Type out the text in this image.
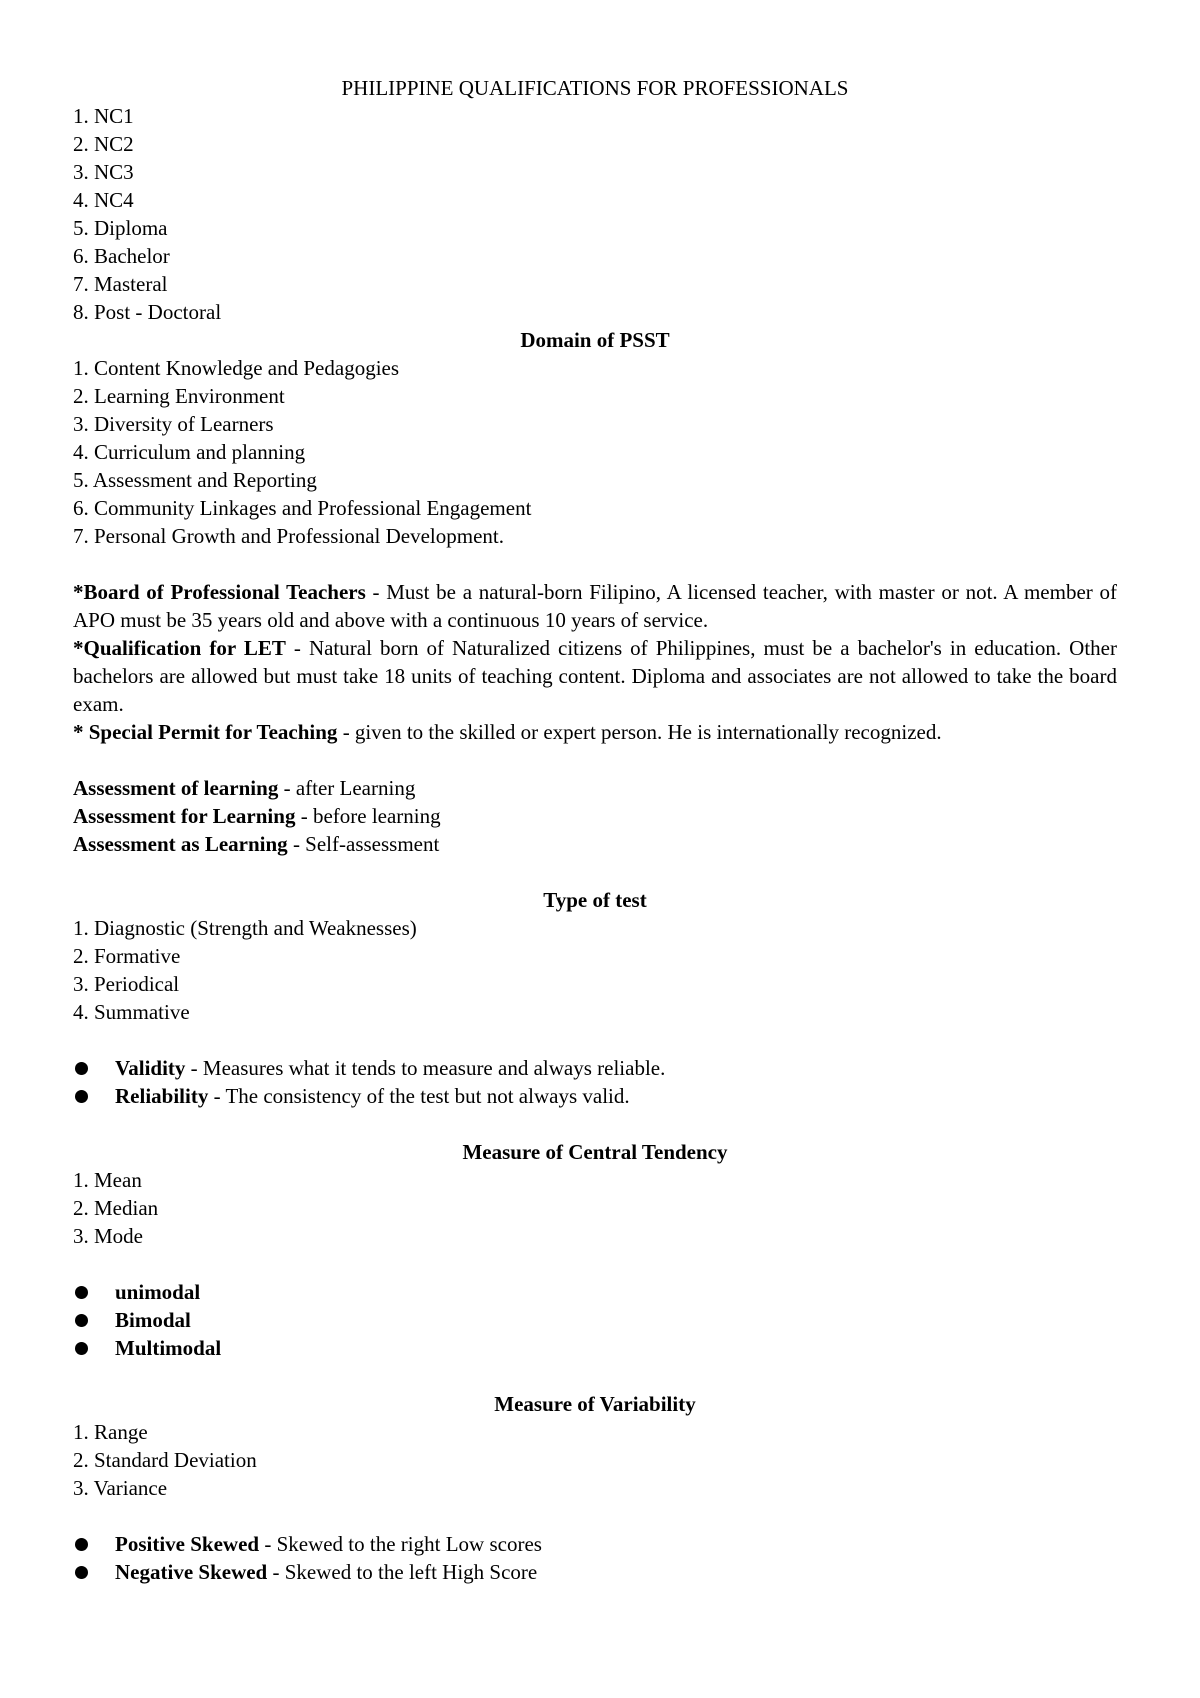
PHILIPPINE QUALIFICATIONS FOR PROFESSIONALS
1. NC1
2. NC2
3. NC3
4. NC4
5. Diploma
6. Bachelor
7. Masteral
8. Post - Doctoral
Domain of PSST
1. Content Knowledge and Pedagogies
2. Learning Environment
3. Diversity of Learners
4. Curriculum and planning
5. Assessment and Reporting
6. Community Linkages and Professional Engagement
7. Personal Growth and Professional Development.
*Board of Professional Teachers - Must be a natural-born Filipino, A licensed teacher, with master or not. A member of APO must be 35 years old and above with a continuous 10 years of service.
*Qualification for LET - Natural born of Naturalized citizens of Philippines, must be a bachelor's in education. Other bachelors are allowed but must take 18 units of teaching content. Diploma and associates are not allowed to take the board exam.
* Special Permit for Teaching - given to the skilled or expert person. He is internationally recognized.
Assessment of learning - after Learning
Assessment for Learning - before learning
Assessment as Learning - Self-assessment
Type of test
1. Diagnostic (Strength and Weaknesses)
2. Formative
3. Periodical
4. Summative
Validity - Measures what it tends to measure and always reliable.
Reliability - The consistency of the test but not always valid.
Measure of Central Tendency
1. Mean
2. Median
3. Mode
unimodal
Bimodal
Multimodal
Measure of Variability
1. Range
2. Standard Deviation
3. Variance
Positive Skewed - Skewed to the right Low scores
Negative Skewed - Skewed to the left High Score
